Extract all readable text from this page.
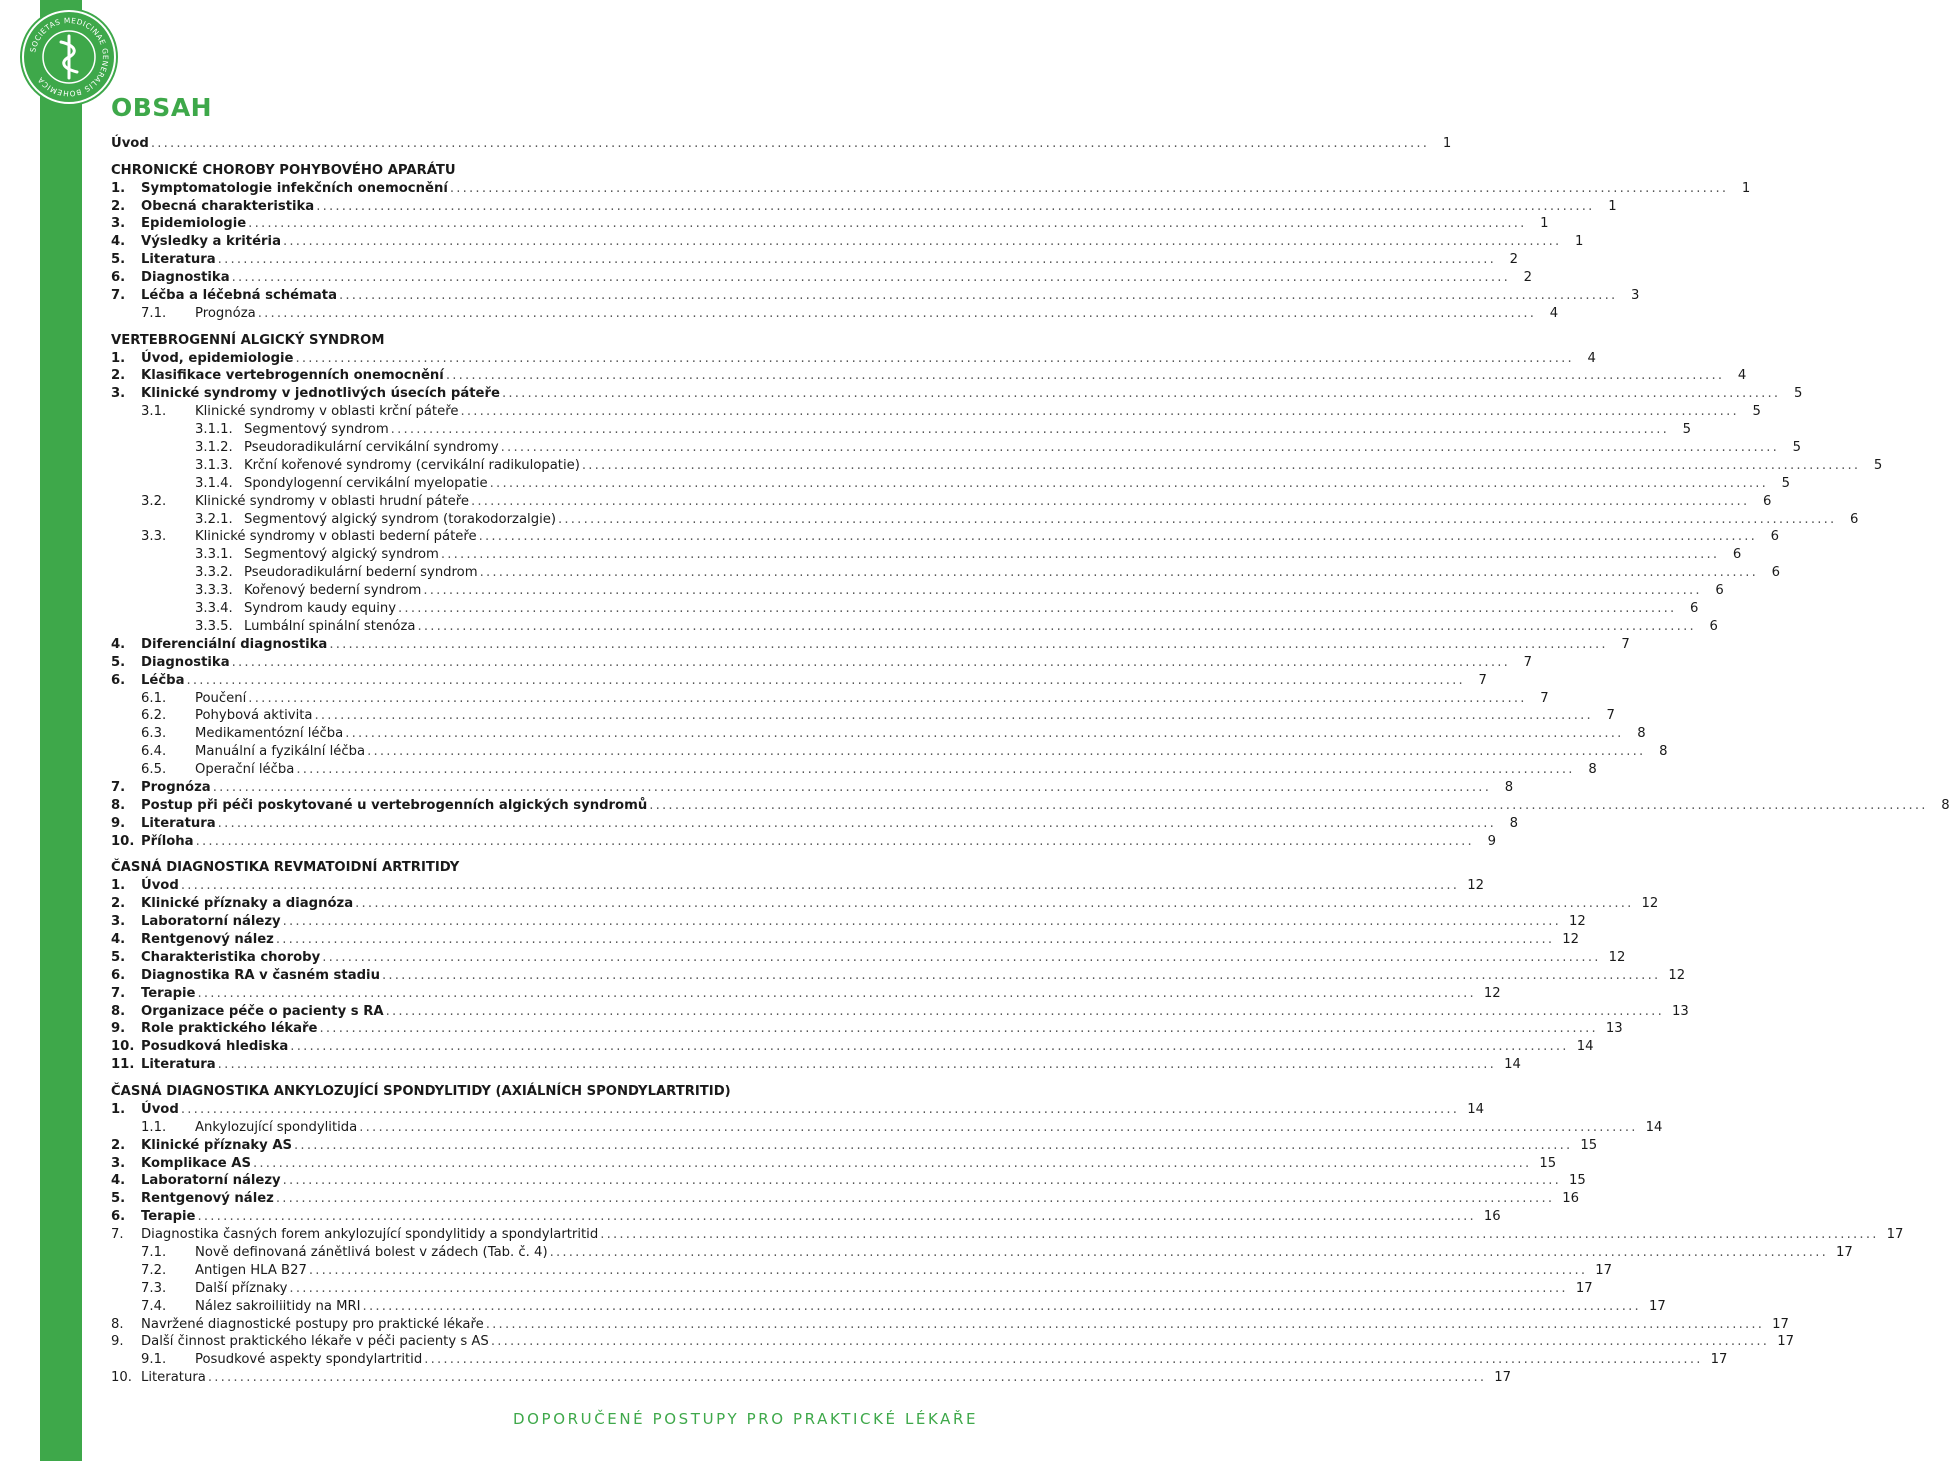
SOCIETAS MEDICINAE GENERALIS BOHEMICA
OBSAH
Úvod .....	1
CHRONICKÉ CHOROBY POHYBOVÉHO APARÁTU
1.	Symptomatologie infekčních onemocnění .....	1
2.	Obecná charakteristika .....	1
3.	Epidemiologie .....	1
4.	Výsledky a kritéria .....	1
5.	Literatura .....	2
6.	Diagnostika .....	2
7.	Léčba a léčebná schémata .....	3
7.1.	Prognóza .....	4
VERTEBROGENNÍ ALGICKÝ SYNDROM
1.	Úvod, epidemiologie .....	4
2.	Klasifikace vertebrogenních onemocnění .....	4
3.	Klinické syndromy v jednotlivých úsecích páteře .....	5
3.1.	Klinické syndromy v oblasti krční páteře .....	5
3.1.1. Segmentový syndrom .....	5
3.1.2. Pseudoradikulární cervikální syndromy .....	5
3.1.3. Krční kořenové syndromy (cervikální radikulopatie) .....	5
3.1.4. Spondylogenní cervikální myelopatie .....	5
3.2.	Klinické syndromy v oblasti hrudní páteře .....	6
3.2.1. Segmentový algický syndrom (torakodorzalgie) .....	6
3.3.	Klinické syndromy v oblasti bederní páteře .....	6
3.3.1. Segmentový algický syndrom .....	6
3.3.2. Pseudoradikulární bederní syndrom .....	6
3.3.3. Kořenový bederní syndrom .....	6
3.3.4. Syndrom kaudy equiny .....	6
3.3.5. Lumbální spinální stenóza .....	6
4.	Diferenciální diagnostika .....	7
5.	Diagnostika .....	7
6.	Léčba .....	7
6.1.	Poučení .....	7
6.2.	Pohybová aktivita .....	7
6.3.	Medikamentózní léčba .....	8
6.4.	Manuální a fyzikální léčba .....	8
6.5.	Operační léčba .....	8
7.	Prognóza .....	8
8.	Postup při péči poskytované u vertebrogenních algických syndromů .....	8
9.	Literatura .....	8
10. Příloha .....	9
ČASNÁ DIAGNOSTIKA REVMATOIDNÍ ARTRITIDY
1.	Úvod .....	12
2.	Klinické příznaky a diagnóza .....	12
3.	Laboratorní nálezy .....	12
4.	Rentgenový nález .....	12
5.	Charakteristika choroby .....	12
6.	Diagnostika RA v časném stadiu .....	12
7.	Terapie .....	12
8.	Organizace péče o pacienty s RA .....	13
9.	Role praktického lékaře .....	13
10. Posudková hlediska .....	14
11. Literatura .....	14
ČASNÁ DIAGNOSTIKA ANKYLOZUJÍCÍ SPONDYLITIDY (AXIÁLNÍCH SPONDYLARTRITID)
1.	Úvod .....	14
1.1.	Ankylozující spondylitida .....	14
2.	Klinické příznaky AS .....	15
3.	Komplikace AS .....	15
4.	Laboratorní nálezy .....	15
5.	Rentgenový nález .....	16
6.	Terapie .....	16
7.	Diagnostika časných forem ankylozující spondylitidy a spondylartritid .....	17
7.1.	Nově definovaná zánětlivá bolest v zádech (Tab. č. 4) .....	17
7.2.	Antigen HLA B27 .....	17
7.3.	Další příznaky .....	17
7.4.	Nález sakroiliitidy na MRI .....	17
8.	Navržené diagnostické postupy pro praktické lékaře .....	17
9.	Další činnost praktického lékaře v péči pacienty s AS .....	17
9.1.	Posudkové aspekty spondylartritid .....	17
10. Literatura .....	17
DOPORUČENÉ POSTUPY PRO PRAKTICKÉ LÉKAŘE
